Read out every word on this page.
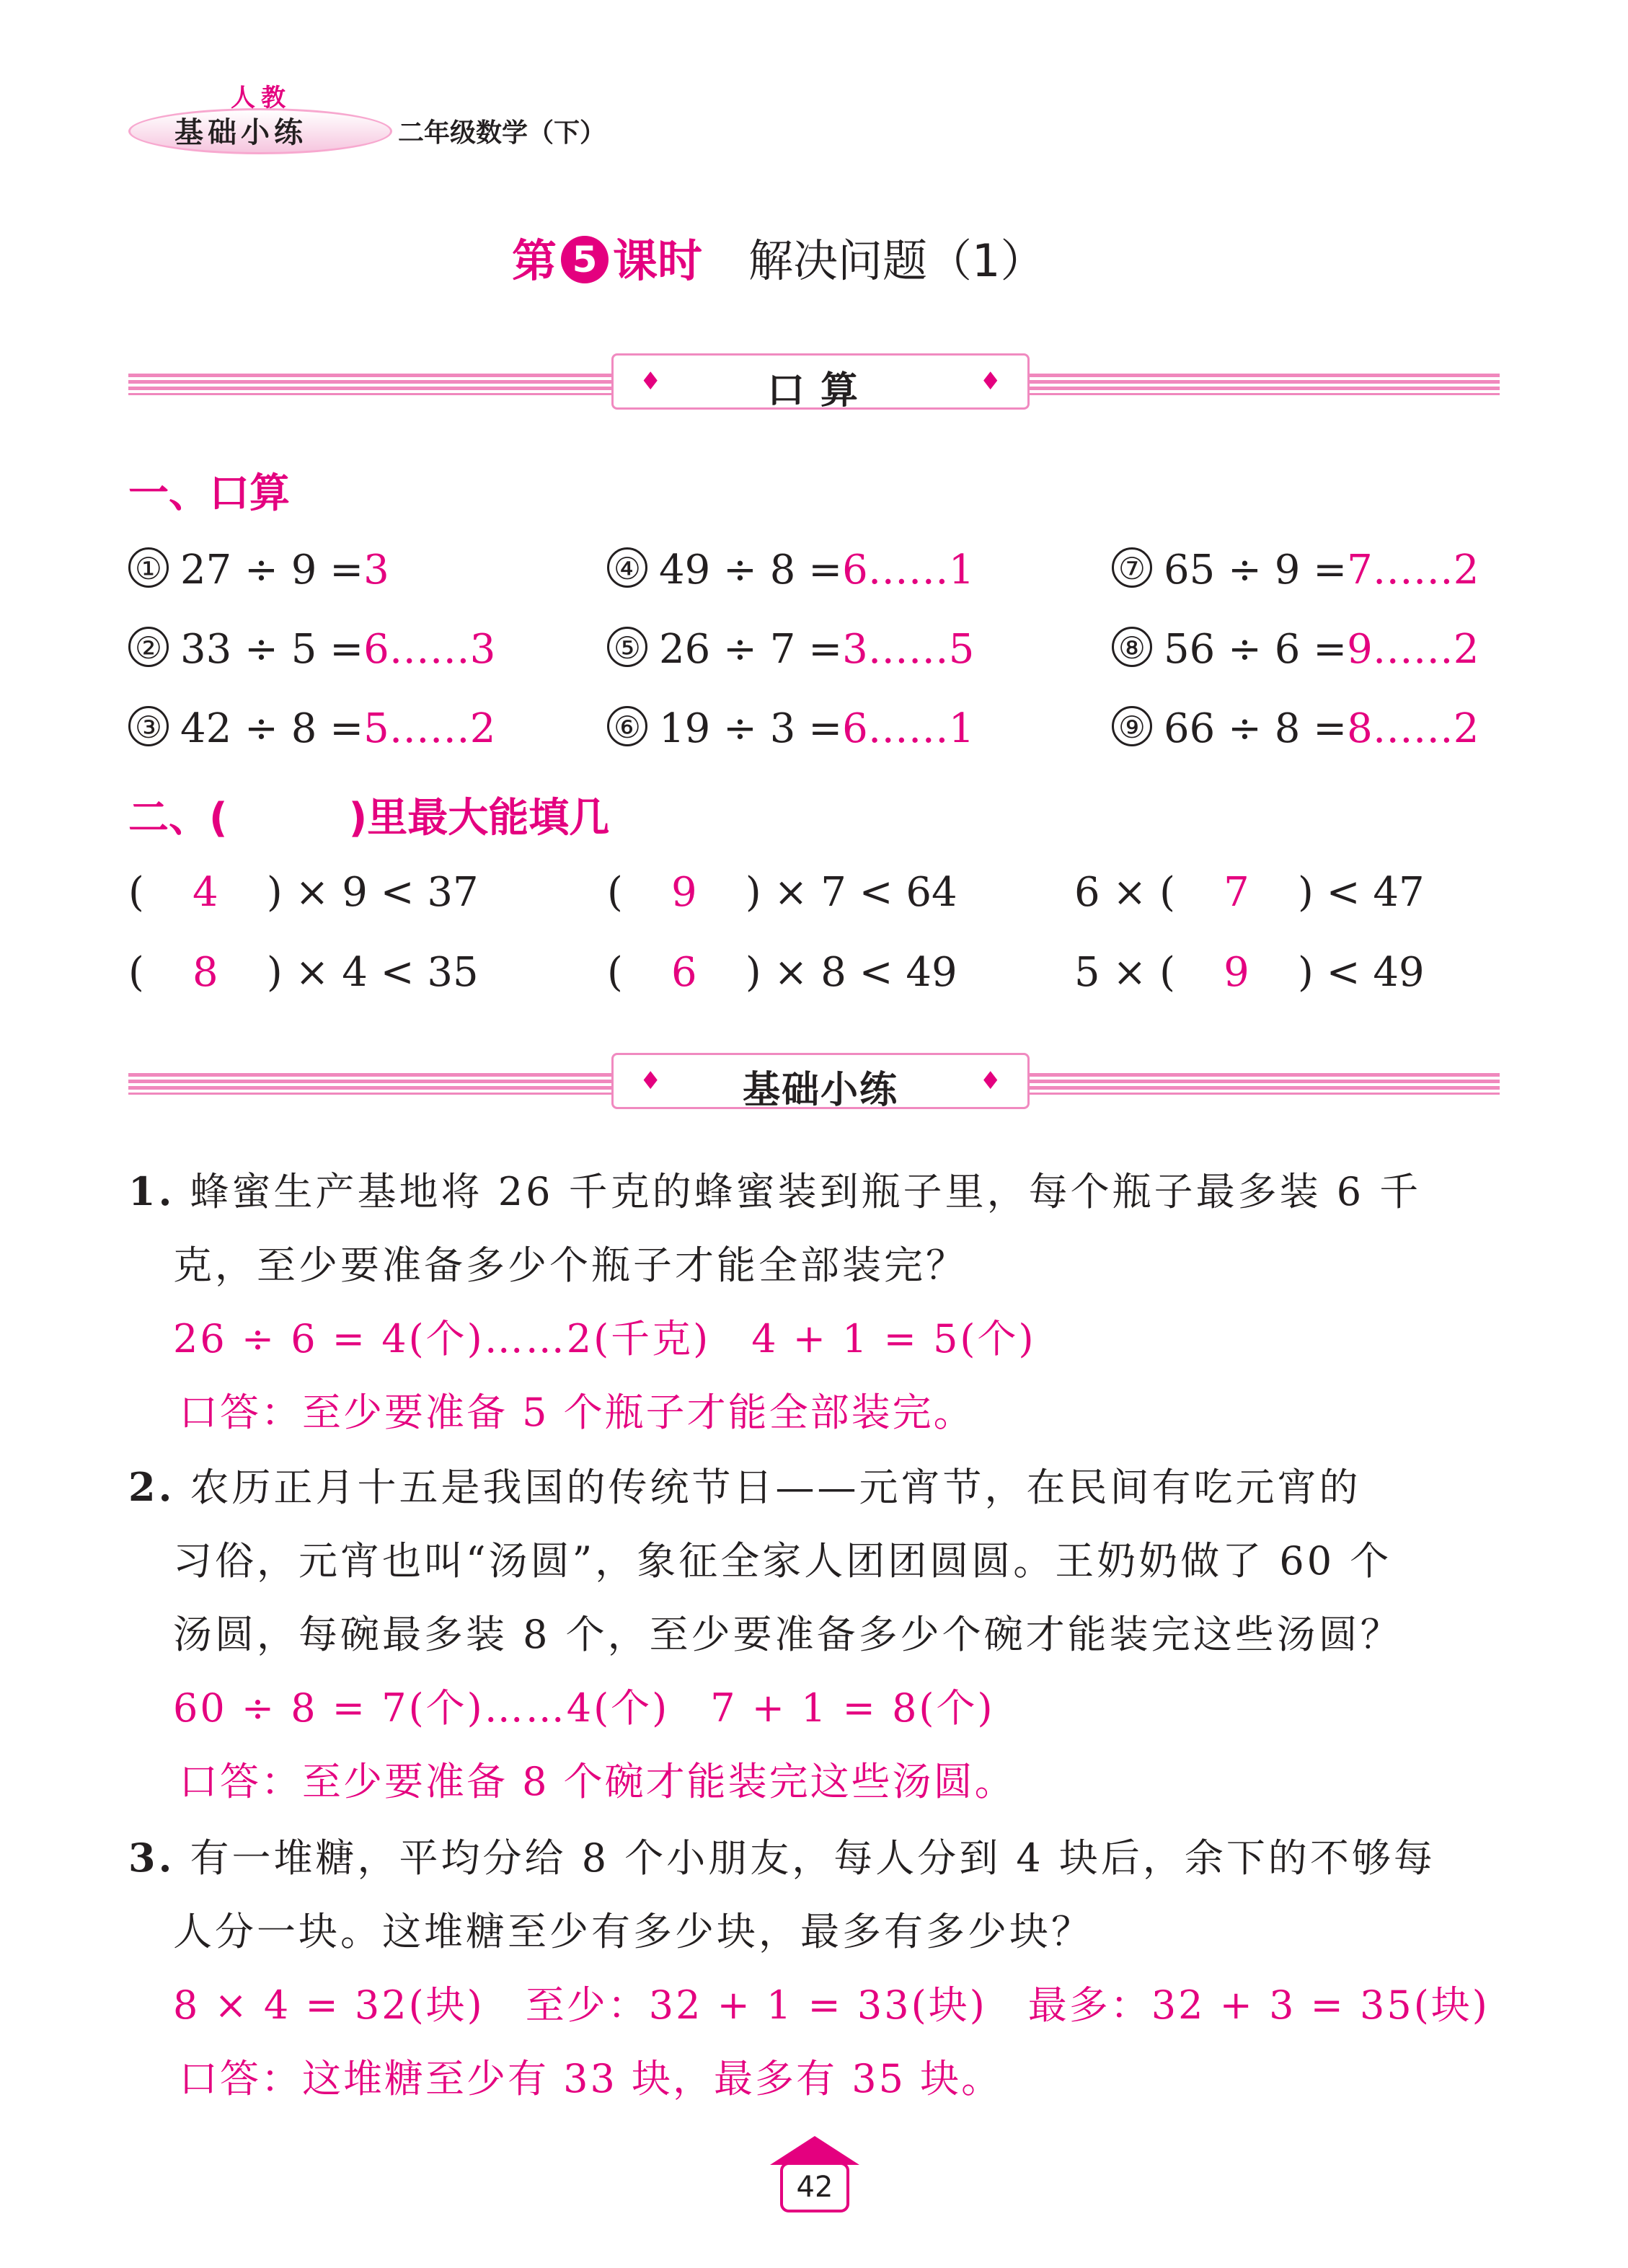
人教
基础小练	二年级数学（下）
第 5 课时 解决问题（1）
♦	口算	♦
一、口算
① 27 ÷ 9 =3	④ 49 ÷ 8 =6……1	⑦ 65 ÷ 9 =7……2
② 33 ÷ 5 =6……3	⑤ 26 ÷ 7 =3……5	⑧ 56 ÷ 6 =9……2
③ 42 ÷ 8 =5……2	⑥ 19 ÷ 3 =6……1	⑨ 66 ÷ 8 =8……2
二、(　　　)里最大能填几
( 4 ) × 9 < 37	( 9 ) × 7 < 64	6 × ( 7 ) < 47
( 8 ) × 4 < 35	( 6 ) × 8 < 49	5 × ( 9 ) < 49
♦	基础小练	♦
1. 蜂蜜生产基地将 26 千克的蜂蜜装到瓶子里，每个瓶子最多装 6 千
克，至少要准备多少个瓶子才能全部装完？
26 ÷ 6 = 4(个)……2(千克)　4 + 1 = 5(个)
口答：至少要准备 5 个瓶子才能全部装完。
2. 农历正月十五是我国的传统节日——元宵节，在民间有吃元宵的
习俗，元宵也叫“汤圆”，象征全家人团团圆圆。王奶奶做了 60 个
汤圆，每碗最多装 8 个，至少要准备多少个碗才能装完这些汤圆？
60 ÷ 8 = 7(个)……4(个)　7 + 1 = 8(个)
口答：至少要准备 8 个碗才能装完这些汤圆。
3. 有一堆糖，平均分给 8 个小朋友，每人分到 4 块后，余下的不够每
人分一块。这堆糖至少有多少块，最多有多少块？
8 × 4 = 32(块)　至少：32 + 1 = 33(块)　最多：32 + 3 = 35(块)
口答：这堆糖至少有 33 块，最多有 35 块。
42
